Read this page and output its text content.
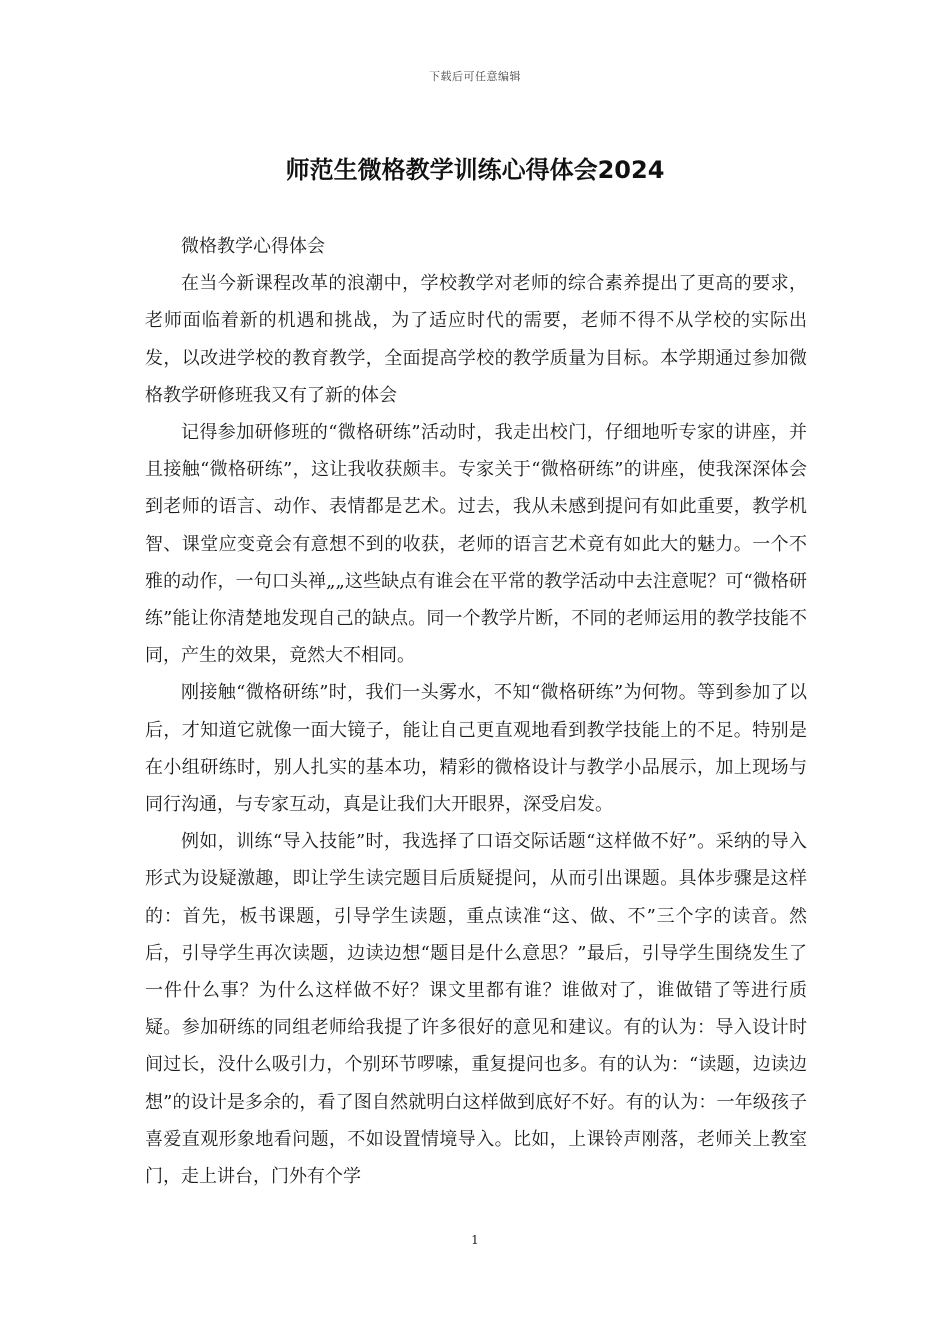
下载后可任意编辑
师范生微格教学训练心得体会2024

微格教学心得体会

在当今新课程改革的浪潮中，学校教学对老师的综合素养提出了更高的要求，老师面临着新的机遇和挑战，为了适应时代的需要，老师不得不从学校的实际出发，以改进学校的教育教学，全面提高学校的教学质量为目标。本学期通过参加微格教学研修班我又有了新的体会

记得参加研修班的“微格研练”活动时，我走出校门，仔细地听专家的讲座，并且接触“微格研练”，这让我收获颇丰。专家关于“微格研练”的讲座，使我深深体会到老师的语言、动作、表情都是艺术。过去，我从未感到提问有如此重要，教学机智、课堂应变竟会有意想不到的收获，老师的语言艺术竟有如此大的魅力。一个不雅的动作，一句口头禅„„这些缺点有谁会在平常的教学活动中去注意呢？可“微格研练”能让你清楚地发现自己的缺点。同一个教学片断，不同的老师运用的教学技能不同，产生的效果，竟然大不相同。

刚接触“微格研练”时，我们一头雾水，不知“微格研练”为何物。等到参加了以后，才知道它就像一面大镜子，能让自己更直观地看到教学技能上的不足。特别是在小组研练时，别人扎实的基本功，精彩的微格设计与教学小品展示，加上现场与同行沟通，与专家互动，真是让我们大开眼界，深受启发。

例如，训练“导入技能”时，我选择了口语交际话题“这样做不好”。采纳的导入形式为设疑激趣，即让学生读完题目后质疑提问，从而引出课题。具体步骤是这样的：首先，板书课题，引导学生读题，重点读准“这、做、不”三个字的读音。然后，引导学生再次读题，边读边想“题目是什么意思？”最后，引导学生围绕发生了一件什么事？为什么这样做不好？课文里都有谁？谁做对了，谁做错了等进行质疑。参加研练的同组老师给我提了许多很好的意见和建议。有的认为：导入设计时间过长，没什么吸引力，个别环节啰嗦，重复提问也多。有的认为：“读题，边读边想”的设计是多余的，看了图自然就明白这样做到底好不好。有的认为：一年级孩子喜爱直观形象地看问题，不如设置情境导入。比如，上课铃声刚落，老师关上教室门，走上讲台，门外有个学

1
